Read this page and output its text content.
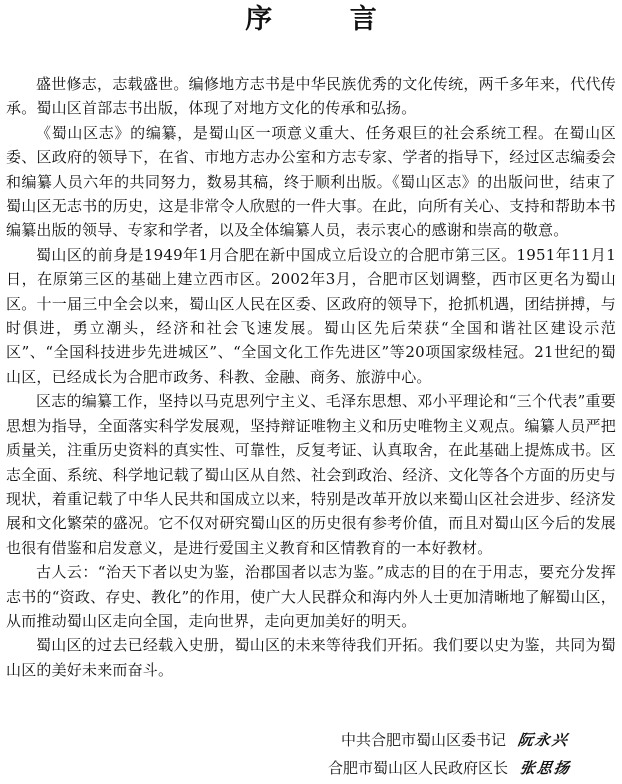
序 言

盛世修志，志载盛世。编修地方志书是中华民族优秀的文化传统，两千多年来，代代传承。蜀山区首部志书出版，体现了对地方文化的传承和弘扬。

《蜀山区志》的编纂，是蜀山区一项意义重大、任务艰巨的社会系统工程。在蜀山区委、区政府的领导下，在省、市地方志办公室和方志专家、学者的指导下，经过区志编委会和编纂人员六年的共同努力，数易其稿，终于顺利出版。《蜀山区志》的出版问世，结束了蜀山区无志书的历史，这是非常令人欣慰的一件大事。在此，向所有关心、支持和帮助本书编纂出版的领导、专家和学者，以及全体编纂人员，表示衷心的感谢和崇高的敬意。

蜀山区的前身是1949年1月合肥在新中国成立后设立的合肥市第三区。1951年11月1日，在原第三区的基础上建立西市区。2002年3月，合肥市区划调整，西市区更名为蜀山区。十一届三中全会以来，蜀山区人民在区委、区政府的领导下，抢抓机遇，团结拼搏，与时俱进，勇立潮头，经济和社会飞速发展。蜀山区先后荣获“全国和谐社区建设示范区”、“全国科技进步先进城区”、“全国文化工作先进区”等20项国家级桂冠。21世纪的蜀山区，已经成长为合肥市政务、科教、金融、商务、旅游中心。

区志的编纂工作，坚持以马克思列宁主义、毛泽东思想、邓小平理论和“三个代表”重要思想为指导，全面落实科学发展观，坚持辩证唯物主义和历史唯物主义观点。编纂人员严把质量关，注重历史资料的真实性、可靠性，反复考证、认真取舍，在此基础上提炼成书。区志全面、系统、科学地记载了蜀山区从自然、社会到政治、经济、文化等各个方面的历史与现状，着重记载了中华人民共和国成立以来，特别是改革开放以来蜀山区社会进步、经济发展和文化繁荣的盛况。它不仅对研究蜀山区的历史很有参考价值，而且对蜀山区今后的发展也很有借鉴和启发意义，是进行爱国主义教育和区情教育的一本好教材。

古人云：“治天下者以史为鉴，治郡国者以志为鉴。”成志的目的在于用志，要充分发挥志书的“资政、存史、教化”的作用，使广大人民群众和海内外人士更加清晰地了解蜀山区，从而推动蜀山区走向全国，走向世界，走向更加美好的明天。

蜀山区的过去已经载入史册，蜀山区的未来等待我们开拓。我们要以史为鉴，共同为蜀山区的美好未来而奋斗。

中共合肥市蜀山区委书记 阮永兴
合肥市蜀山区人民政府区长 张思扬
